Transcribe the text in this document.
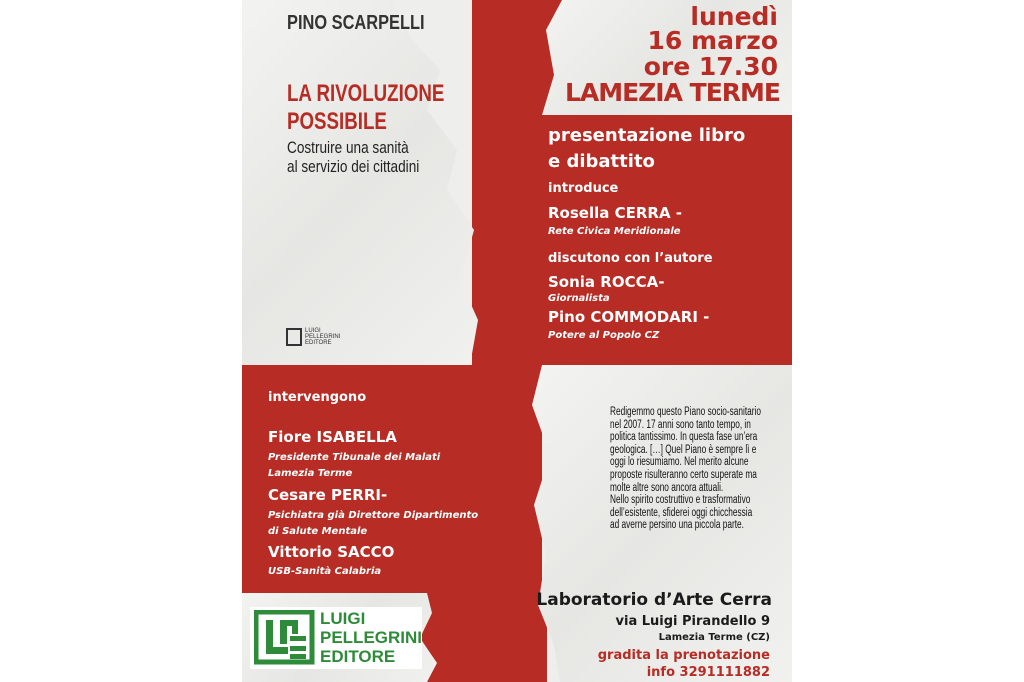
PINO SCARPELLI
LA RIVOLUZIONE
POSSIBILE
Costruire una sanità
al servizio dei cittadini
LUIGI
PELLEGRINI
EDITORE
lunedì
16 marzo
ore 17.30
LAMEZIA TERME
presentazione libro
e dibattito
introduce
Rosella CERRA -
Rete Civica Meridionale
discutono con l’autore
Sonia ROCCA-
Giornalista
Pino COMMODARI -
Potere al Popolo CZ
intervengono
Fiore ISABELLA
Presidente Tibunale dei Malati
Lamezia Terme
Cesare PERRI-
Psichiatra già Direttore Dipartimento
di Salute Mentale
Vittorio SACCO
USB-Sanità Calabria
Redigemmo questo Piano socio-sanitario
nel 2007. 17 anni sono tanto tempo, in
politica tantissimo. In questa fase un’era
geologica. […] Quel Piano è sempre lì e
oggi lo riesumiamo. Nel merito alcune
proposte risulteranno certo superate ma
molte altre sono ancora attuali.
Nello spirito costruttivo e trasformativo
dell’esistente, sfiderei oggi chicchessia
ad averne persino una piccola parte.
Laboratorio d’Arte Cerra
via Luigi Pirandello 9
Lamezia Terme (CZ)
gradita la prenotazione
info 3291111882
LUIGI
PELLEGRINI
EDITORE
